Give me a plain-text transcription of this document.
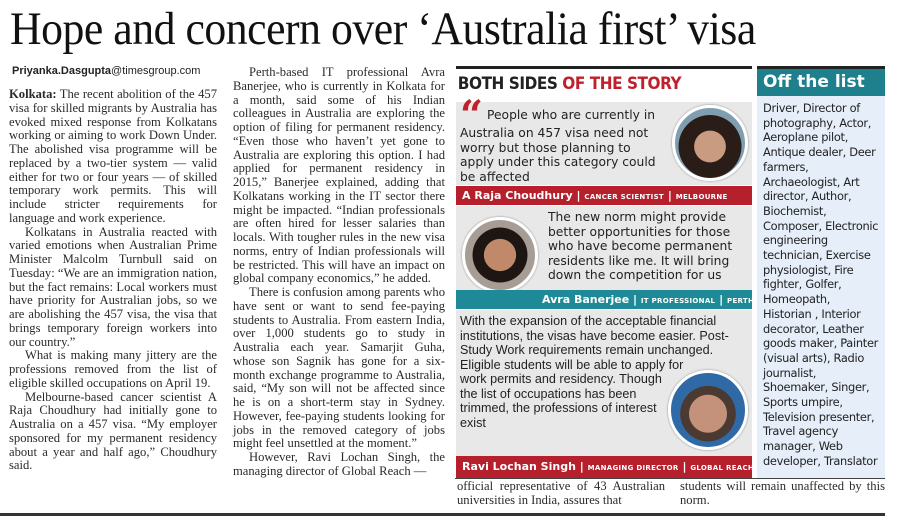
Hope and concern over ‘Australia first’ visa
Priyanka.Dasgupta@timesgroup.com

Kolkata: The recent abolition of the 457 visa for skilled migrants by Australia has evoked mixed response from Kolkatans working or aiming to work Down Under. The abolished visa programme will be replaced by a two-tier system — valid either for two or four years — of skilled temporary work permits. This will include stricter requirements for language and work experience.

Kolkatans in Australia reacted with varied emotions when Australian Prime Minister Malcolm Turnbull said on Tuesday: “We are an immigration nation, but the fact remains: Local workers must have priority for Australian jobs, so we are abolishing the 457 visa, the visa that brings temporary foreign workers into our country.”

What is making many jittery are the professions removed from the list of eligible skilled occupations on April 19.

Melbourne-based cancer scientist A Raja Choudhury had initially gone to Australia on a 457 visa. “My employer sponsored for my permanent residency about a year and half ago,” Choudhury said.

Perth-based IT professional Avra Banerjee, who is currently in Kolkata for a month, said some of his Indian colleagues in Australia are exploring the option of filing for permanent residency. “Even those who haven’t yet gone to Australia are exploring this option. I had applied for permanent residency in 2015,” Banerjee explained, adding that Kolkatans working in the IT sector there might be impacted. “Indian professionals are often hired for lesser salaries than locals. With tougher rules in the new visa norms, entry of Indian professionals will be restricted. This will have an impact on global company economics,” he added.

There is confusion among parents who have sent or want to send fee-paying students to Australia. From eastern India, over 1,000 students go to study in Australia each year. Samarjit Guha, whose son Sagnik has gone for a six-month exchange programme to Australia, said, “My son will not be affected since he is on a short-term stay in Sydney. However, fee-paying students looking for jobs in the removed category of jobs might feel unsettled at the moment.”

However, Ravi Lochan Singh, the managing director of Global Reach —

BOTH SIDES OF THE STORY
“ People who are currently in Australia on 457 visa need not worry but those planning to apply under this category could be affected
A Raja Choudhury | CANCER SCIENTIST | MELBOURNE
The new norm might provide better opportunities for those who have become permanent residents like me. It will bring down the competition for us
Avra Banerjee | IT PROFESSIONAL | PERTH
With the expansion of the acceptable financial institutions, the visas have become easier. Post-Study Work requirements remain unchanged. Eligible students will be able to apply for work permits and residency. Though the list of occupations has been trimmed, the professions of interest exist
Ravi Lochan Singh | MANAGING DIRECTOR | GLOBAL REACH
Off the list
Driver, Director of photography, Actor, Aeroplane pilot, Antique dealer, Deer farmers, Archaeologist, Art director, Author, Biochemist, Composer, Electronic engineering technician, Exercise physiologist, Fire fighter, Golfer, Homeopath, Historian , Interior decorator, Leather goods maker, Painter (visual arts), Radio journalist, Shoemaker, Singer, Sports umpire, Television presenter, Travel agency manager, Web developer, Translator
official representative of 43 Australian universities in India, assures that
students will remain unaffected by this norm.
